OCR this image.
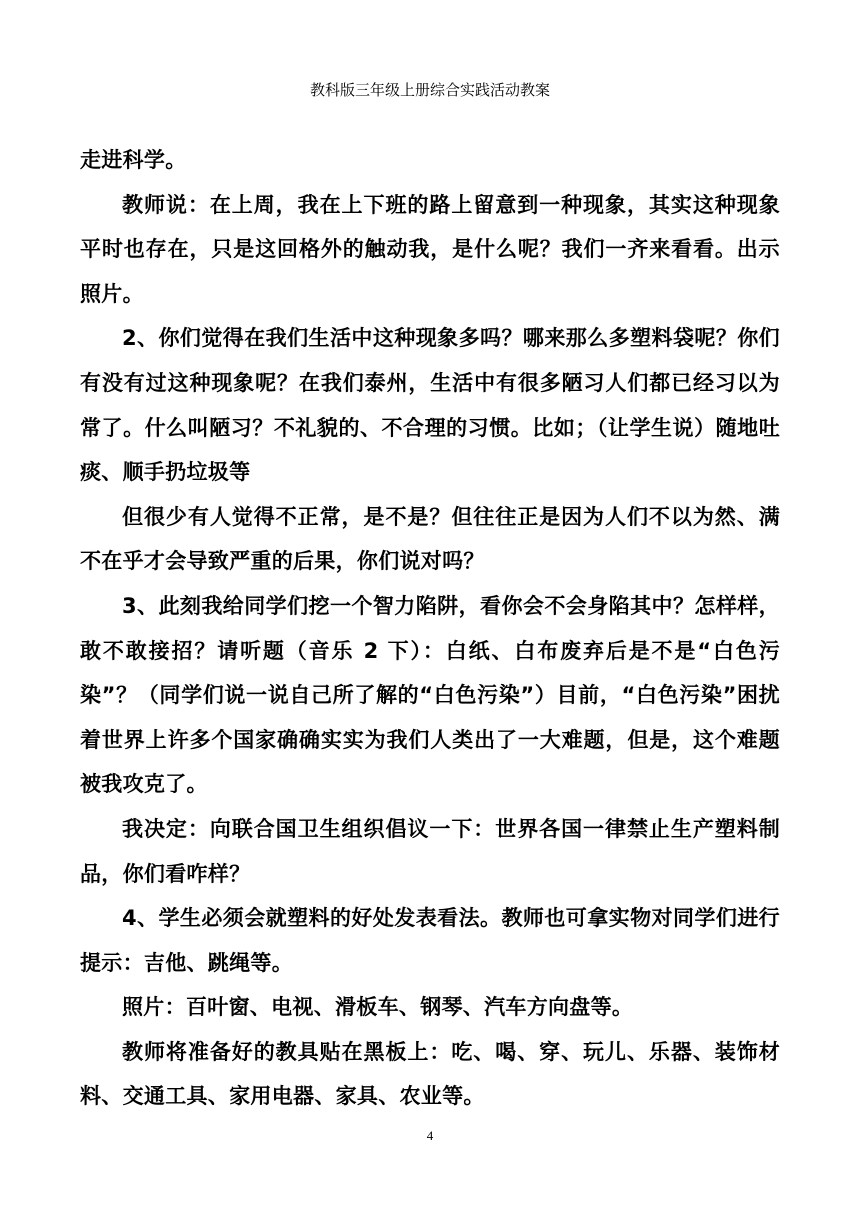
教科版三年级上册综合实践活动教案

走进科学。

教师说：在上周，我在上下班的路上留意到一种现象，其实这种现象平时也存在，只是这回格外的触动我，是什么呢？我们一齐来看看。出示照片。

2、你们觉得在我们生活中这种现象多吗？哪来那么多塑料袋呢？你们有没有过这种现象呢？在我们泰州，生活中有很多陋习人们都已经习以为常了。什么叫陋习？不礼貌的、不合理的习惯。比如；（让学生说）随地吐痰、顺手扔垃圾等

但很少有人觉得不正常，是不是？但往往正是因为人们不以为然、满不在乎才会导致严重的后果，你们说对吗？

3、此刻我给同学们挖一个智力陷阱，看你会不会身陷其中？怎样样，敢不敢接招？请听题（音乐 2 下）：白纸、白布废弃后是不是“白色污染”？（同学们说一说自己所了解的“白色污染”）目前，“白色污染”困扰着世界上许多个国家确确实实为我们人类出了一大难题，但是，这个难题被我攻克了。

我决定：向联合国卫生组织倡议一下：世界各国一律禁止生产塑料制品，你们看咋样？

4、学生必须会就塑料的好处发表看法。教师也可拿实物对同学们进行提示：吉他、跳绳等。

照片：百叶窗、电视、滑板车、钢琴、汽车方向盘等。

教师将准备好的教具贴在黑板上：吃、喝、穿、玩儿、乐器、装饰材料、交通工具、家用电器、家具、农业等。

4
